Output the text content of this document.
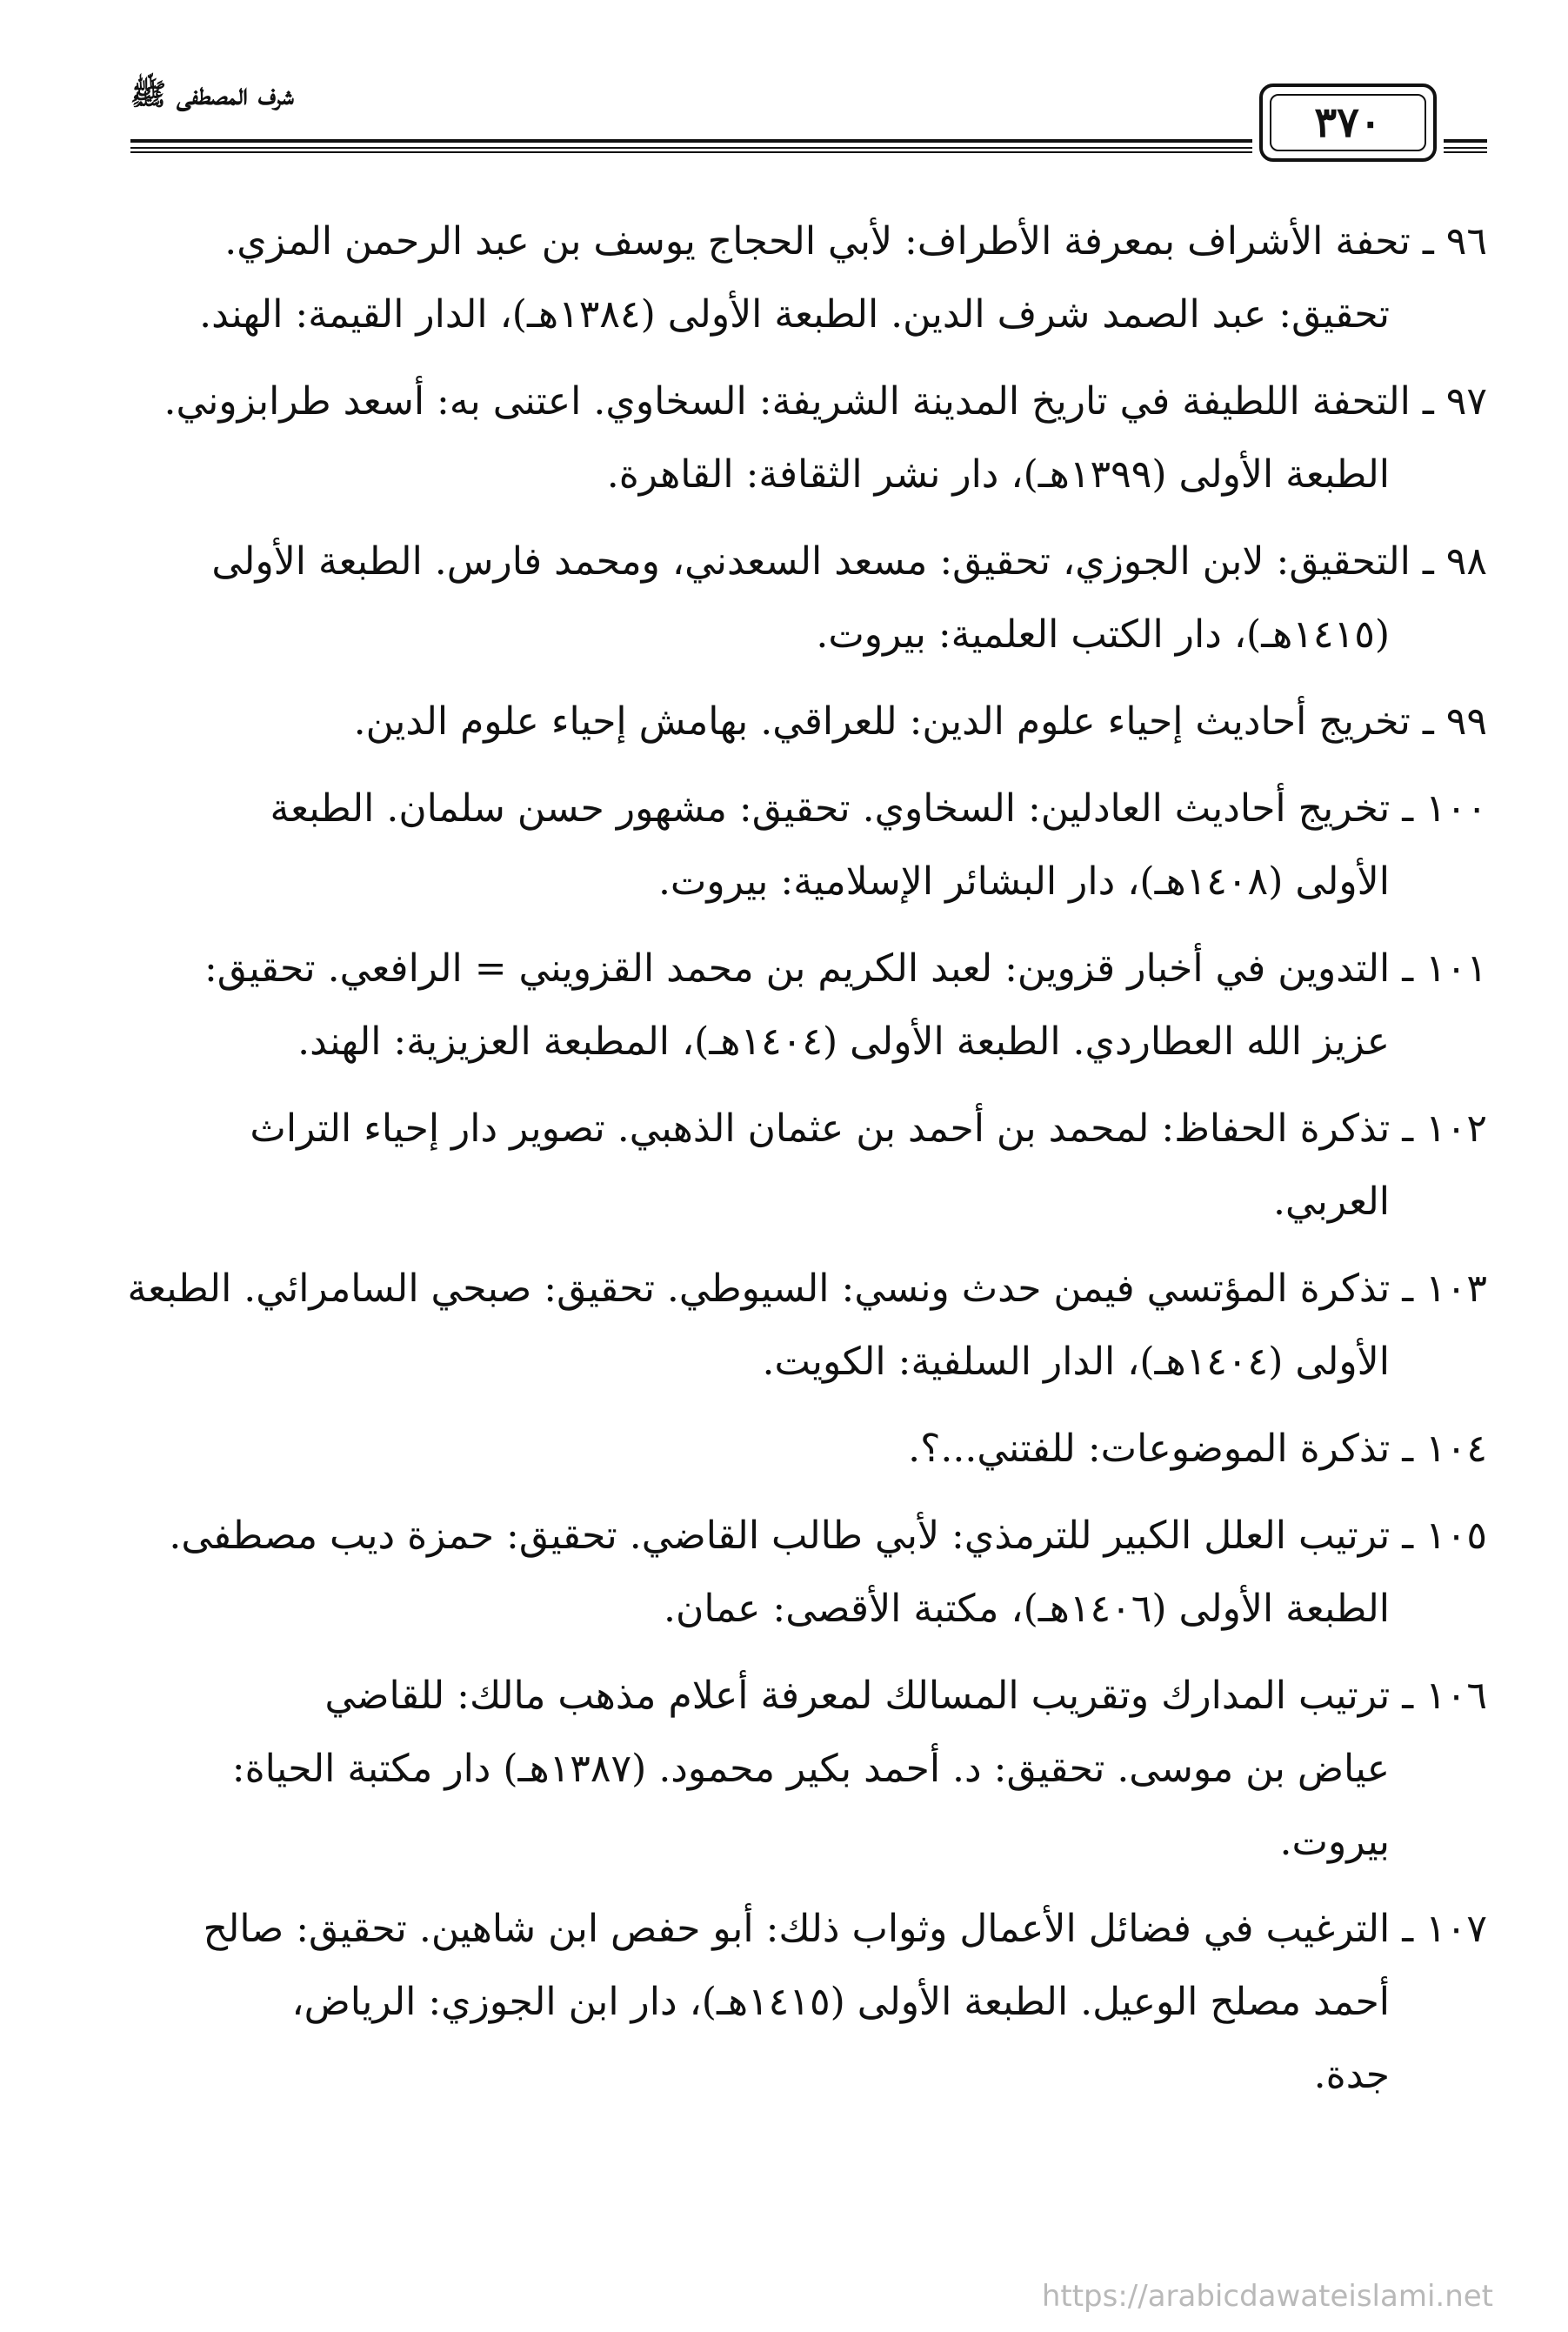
شرف المصطفى ﷺ
٣٧٠
٩٦ ـ تحفة الأشراف بمعرفة الأطراف: لأبي الحجاج يوسف بن عبد الرحمن المزي.
تحقيق: عبد الصمد شرف الدين. الطبعة الأولى (١٣٨٤هـ)، الدار القيمة: الهند.
٩٧ ـ التحفة اللطيفة في تاريخ المدينة الشريفة: السخاوي. اعتنى به: أسعد طرابزوني.
الطبعة الأولى (١٣٩٩هـ)، دار نشر الثقافة: القاهرة.
٩٨ ـ التحقيق: لابن الجوزي، تحقيق: مسعد السعدني، ومحمد فارس. الطبعة الأولى
(١٤١٥هـ)، دار الكتب العلمية: بيروت.
٩٩ ـ تخريج أحاديث إحياء علوم الدين: للعراقي. بهامش إحياء علوم الدين.
١٠٠ ـ تخريج أحاديث العادلين: السخاوي. تحقيق: مشهور حسن سلمان. الطبعة
الأولى (١٤٠٨هـ)، دار البشائر الإسلامية: بيروت.
١٠١ ـ التدوين في أخبار قزوين: لعبد الكريم بن محمد القزويني = الرافعي. تحقيق:
عزيز الله العطاردي. الطبعة الأولى (١٤٠٤هـ)، المطبعة العزيزية: الهند.
١٠٢ ـ تذكرة الحفاظ: لمحمد بن أحمد بن عثمان الذهبي. تصوير دار إحياء التراث
العربي.
١٠٣ ـ تذكرة المؤتسي فيمن حدث ونسي: السيوطي. تحقيق: صبحي السامرائي. الطبعة
الأولى (١٤٠٤هـ)، الدار السلفية: الكويت.
١٠٤ ـ تذكرة الموضوعات: للفتني...؟.
١٠٥ ـ ترتيب العلل الكبير للترمذي: لأبي طالب القاضي. تحقيق: حمزة ديب مصطفى.
الطبعة الأولى (١٤٠٦هـ)، مكتبة الأقصى: عمان.
١٠٦ ـ ترتيب المدارك وتقريب المسالك لمعرفة أعلام مذهب مالك: للقاضي
عياض بن موسى. تحقيق: د. أحمد بكير محمود. (١٣٨٧هـ) دار مكتبة الحياة:
بيروت.
١٠٧ ـ الترغيب في فضائل الأعمال وثواب ذلك: أبو حفص ابن شاهين. تحقيق: صالح
أحمد مصلح الوعيل. الطبعة الأولى (١٤١٥هـ)، دار ابن الجوزي: الرياض،
جدة.
https://arabicdawateislami.net
